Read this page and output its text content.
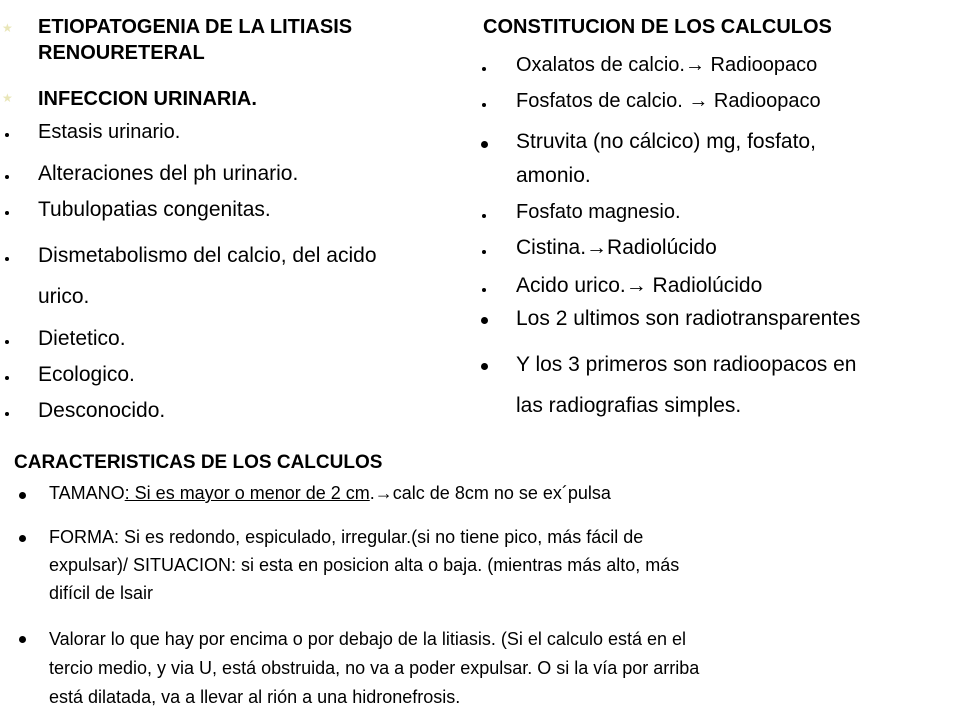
★ ETIOPATOGENIA DE LA LITIASIS
RENOURETERAL
★ INFECCION URINARIA.
Estasis urinario.
Alteraciones del ph urinario.
Tubulopatias congenitas.
Dismetabolismo del calcio, del acido
urico.
Dietetico.
Ecologico.
Desconocido.
CONSTITUCION DE LOS CALCULOS
Oxalatos de calcio.→ Radioopaco
Fosfatos de calcio. → Radioopaco
Struvita (no cálcico) mg, fosfato,
amonio.
Fosfato magnesio.
Cistina.→Radiolúcido
Acido urico.→ Radiolúcido
Los 2 ultimos son radiotransparentes
Y los 3 primeros son radioopacos en
las radiografias simples.
CARACTERISTICAS DE LOS CALCULOS
TAMANO: Si es mayor o menor de 2 cm.→calc de 8cm no se ex´pulsa
FORMA: Si es redondo, espiculado, irregular.(si no tiene pico, más fácil de
expulsar)/ SITUACION: si esta en posicion alta o baja. (mientras más alto, más
difícil de lsair
Valorar lo que hay por encima o por debajo de la litiasis. (Si el calculo está en el
tercio medio, y via U, está obstruida, no va a poder expulsar. O si la vía por arriba
está dilatada, va a llevar al rión a una hidronefrosis.
